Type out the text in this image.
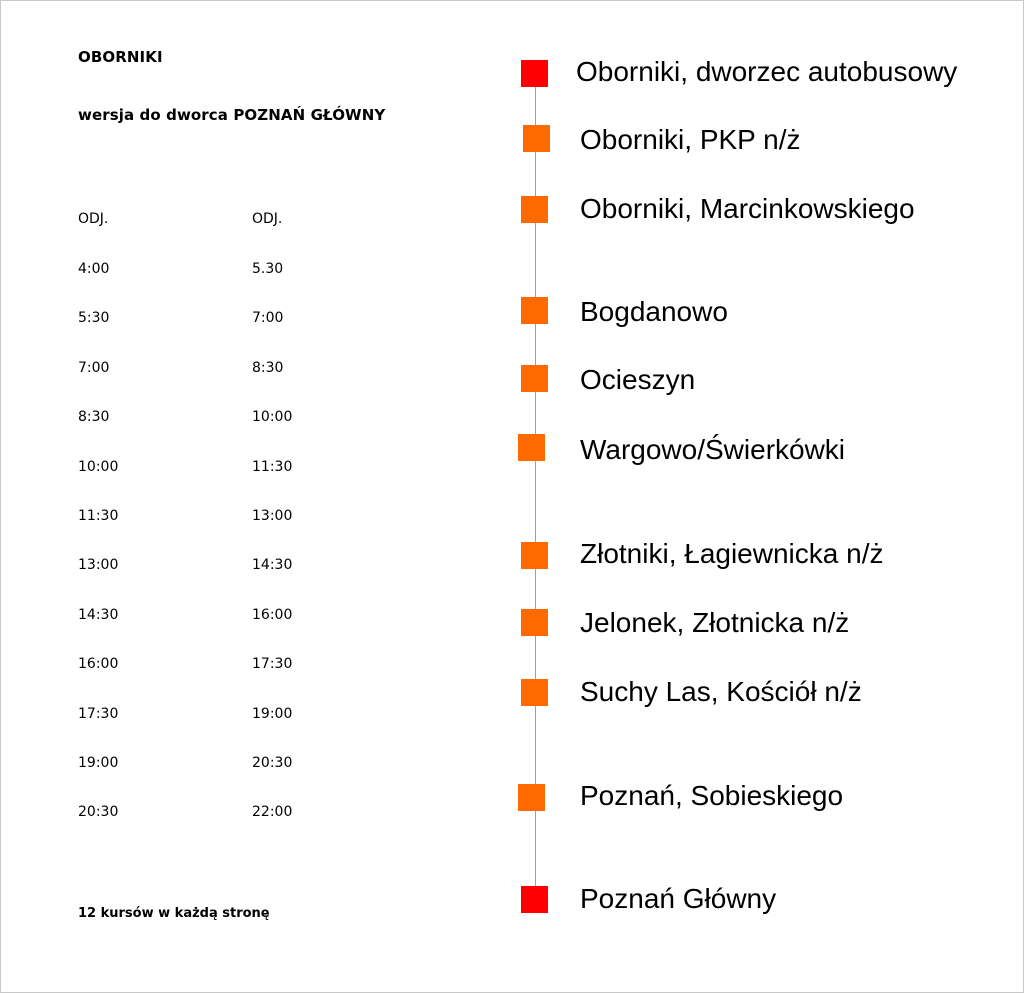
OBORNIKI
wersja do dworca POZNAŃ GŁÓWNY
ODJ.
4:00
5:30
7:00
8:30
10:00
11:30
13:00
14:30
16:00
17:30
19:00
20:30
ODJ.
5.30
7:00
8:30
10:00
11:30
13:00
14:30
16:00
17:30
19:00
20:30
22:00
12 kursów w każdą stronę
Oborniki, dworzec autobusowy
Oborniki, PKP n/ż
Oborniki, Marcinkowskiego
Bogdanowo
Ocieszyn
Wargowo/Świerkówki
Złotniki, Łagiewnicka n/ż
Jelonek, Złotnicka n/ż
Suchy Las, Kościół n/ż
Poznań, Sobieskiego
Poznań Główny
